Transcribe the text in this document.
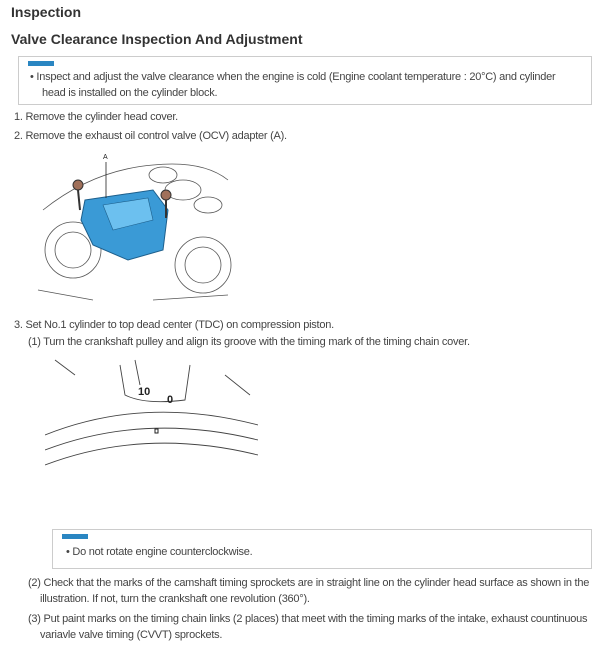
Inspection
Valve Clearance Inspection And Adjustment
NOTICE
• Inspect and adjust the valve clearance when the engine is cold (Engine coolant temperature : 20°C) and cylinder head is installed on the cylinder block.
1. Remove the cylinder head cover.
2. Remove the exhaust oil control valve (OCV) adapter (A).
A
3. Set No.1 cylinder to top dead center (TDC) on compression piston.
(1) Turn the crankshaft pulley and align its groove with the timing mark of the timing chain cover.
10
0
NOTICE
• Do not rotate engine counterclockwise.
(2) Check that the marks of the camshaft timing sprockets are in straight line on the cylinder head surface as shown in the illustration. If not, turn the crankshaft one revolution (360°).
(3) Put paint marks on the timing chain links (2 places) that meet with the timing marks of the intake, exhaust countinuous variavle valve timing (CVVT) sprockets.
